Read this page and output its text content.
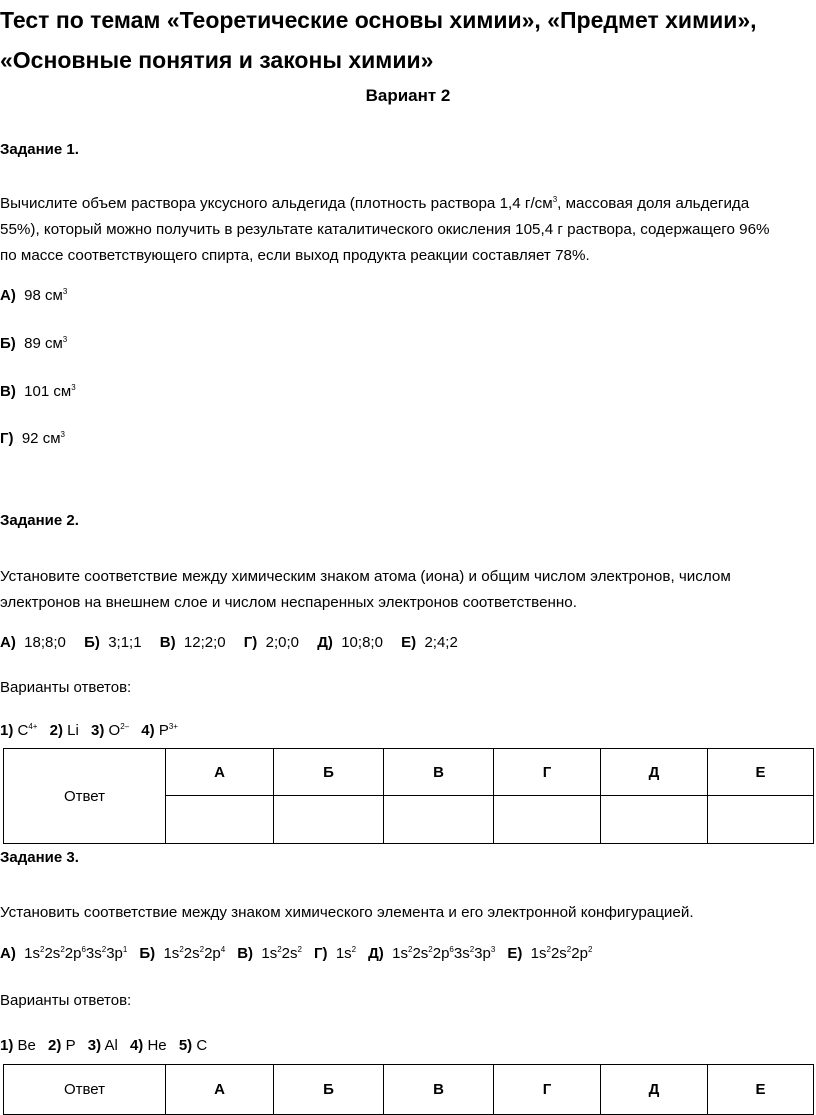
Тест по темам «Теоретические основы химии», «Предмет химии»,
«Основные понятия и законы химии»
Вариант 2
Задание 1.
Вычислите объем раствора уксусного альдегида (плотность раствора 1,4 $г/см^3$, массовая доля альдегида
55%), который можно получить в результате каталитического окисления 105,4 г раствора, содержащего 96%
по массе соответствующего спирта, если выход продукта реакции составляет 78%.
А) 98 $см^3$
Б) 89 $см^3$
В) 101 $см^3$
Г) 92 $см^3$
Задание 2.
Установите соответствие между химическим знаком атома (иона) и общим числом электронов, числом
электронов на внешнем слое и числом неспаренных электронов соответственно.
А) 18;8;0 Б) 3;1;1 В) 12;2;0 Г) 2;0;0 Д) 10;8;0 Е) 2;4;2
Варианты ответов:
1) $C^{4+}$ 2) Li 3) $O^{2-}$ 4) $P^{3+}$
Ответ	А	Б	В	Г	Д	Е

Задание 3.
Установить соответствие между знаком химического элемента и его электронной конфигурацией.
А) $1s^22s^22p^63s^23p^1$ Б) $1s^22s^22p^4$ В) $1s^22s^2$ Г) $1s^2$ Д) $1s^22s^22p^63s^23p^3$ Е) $1s^22s^22p^2$
Варианты ответов:
1) Be 2) P 3) Al 4) He 5) C
Ответ	А	Б	В	Г	Д	Е
